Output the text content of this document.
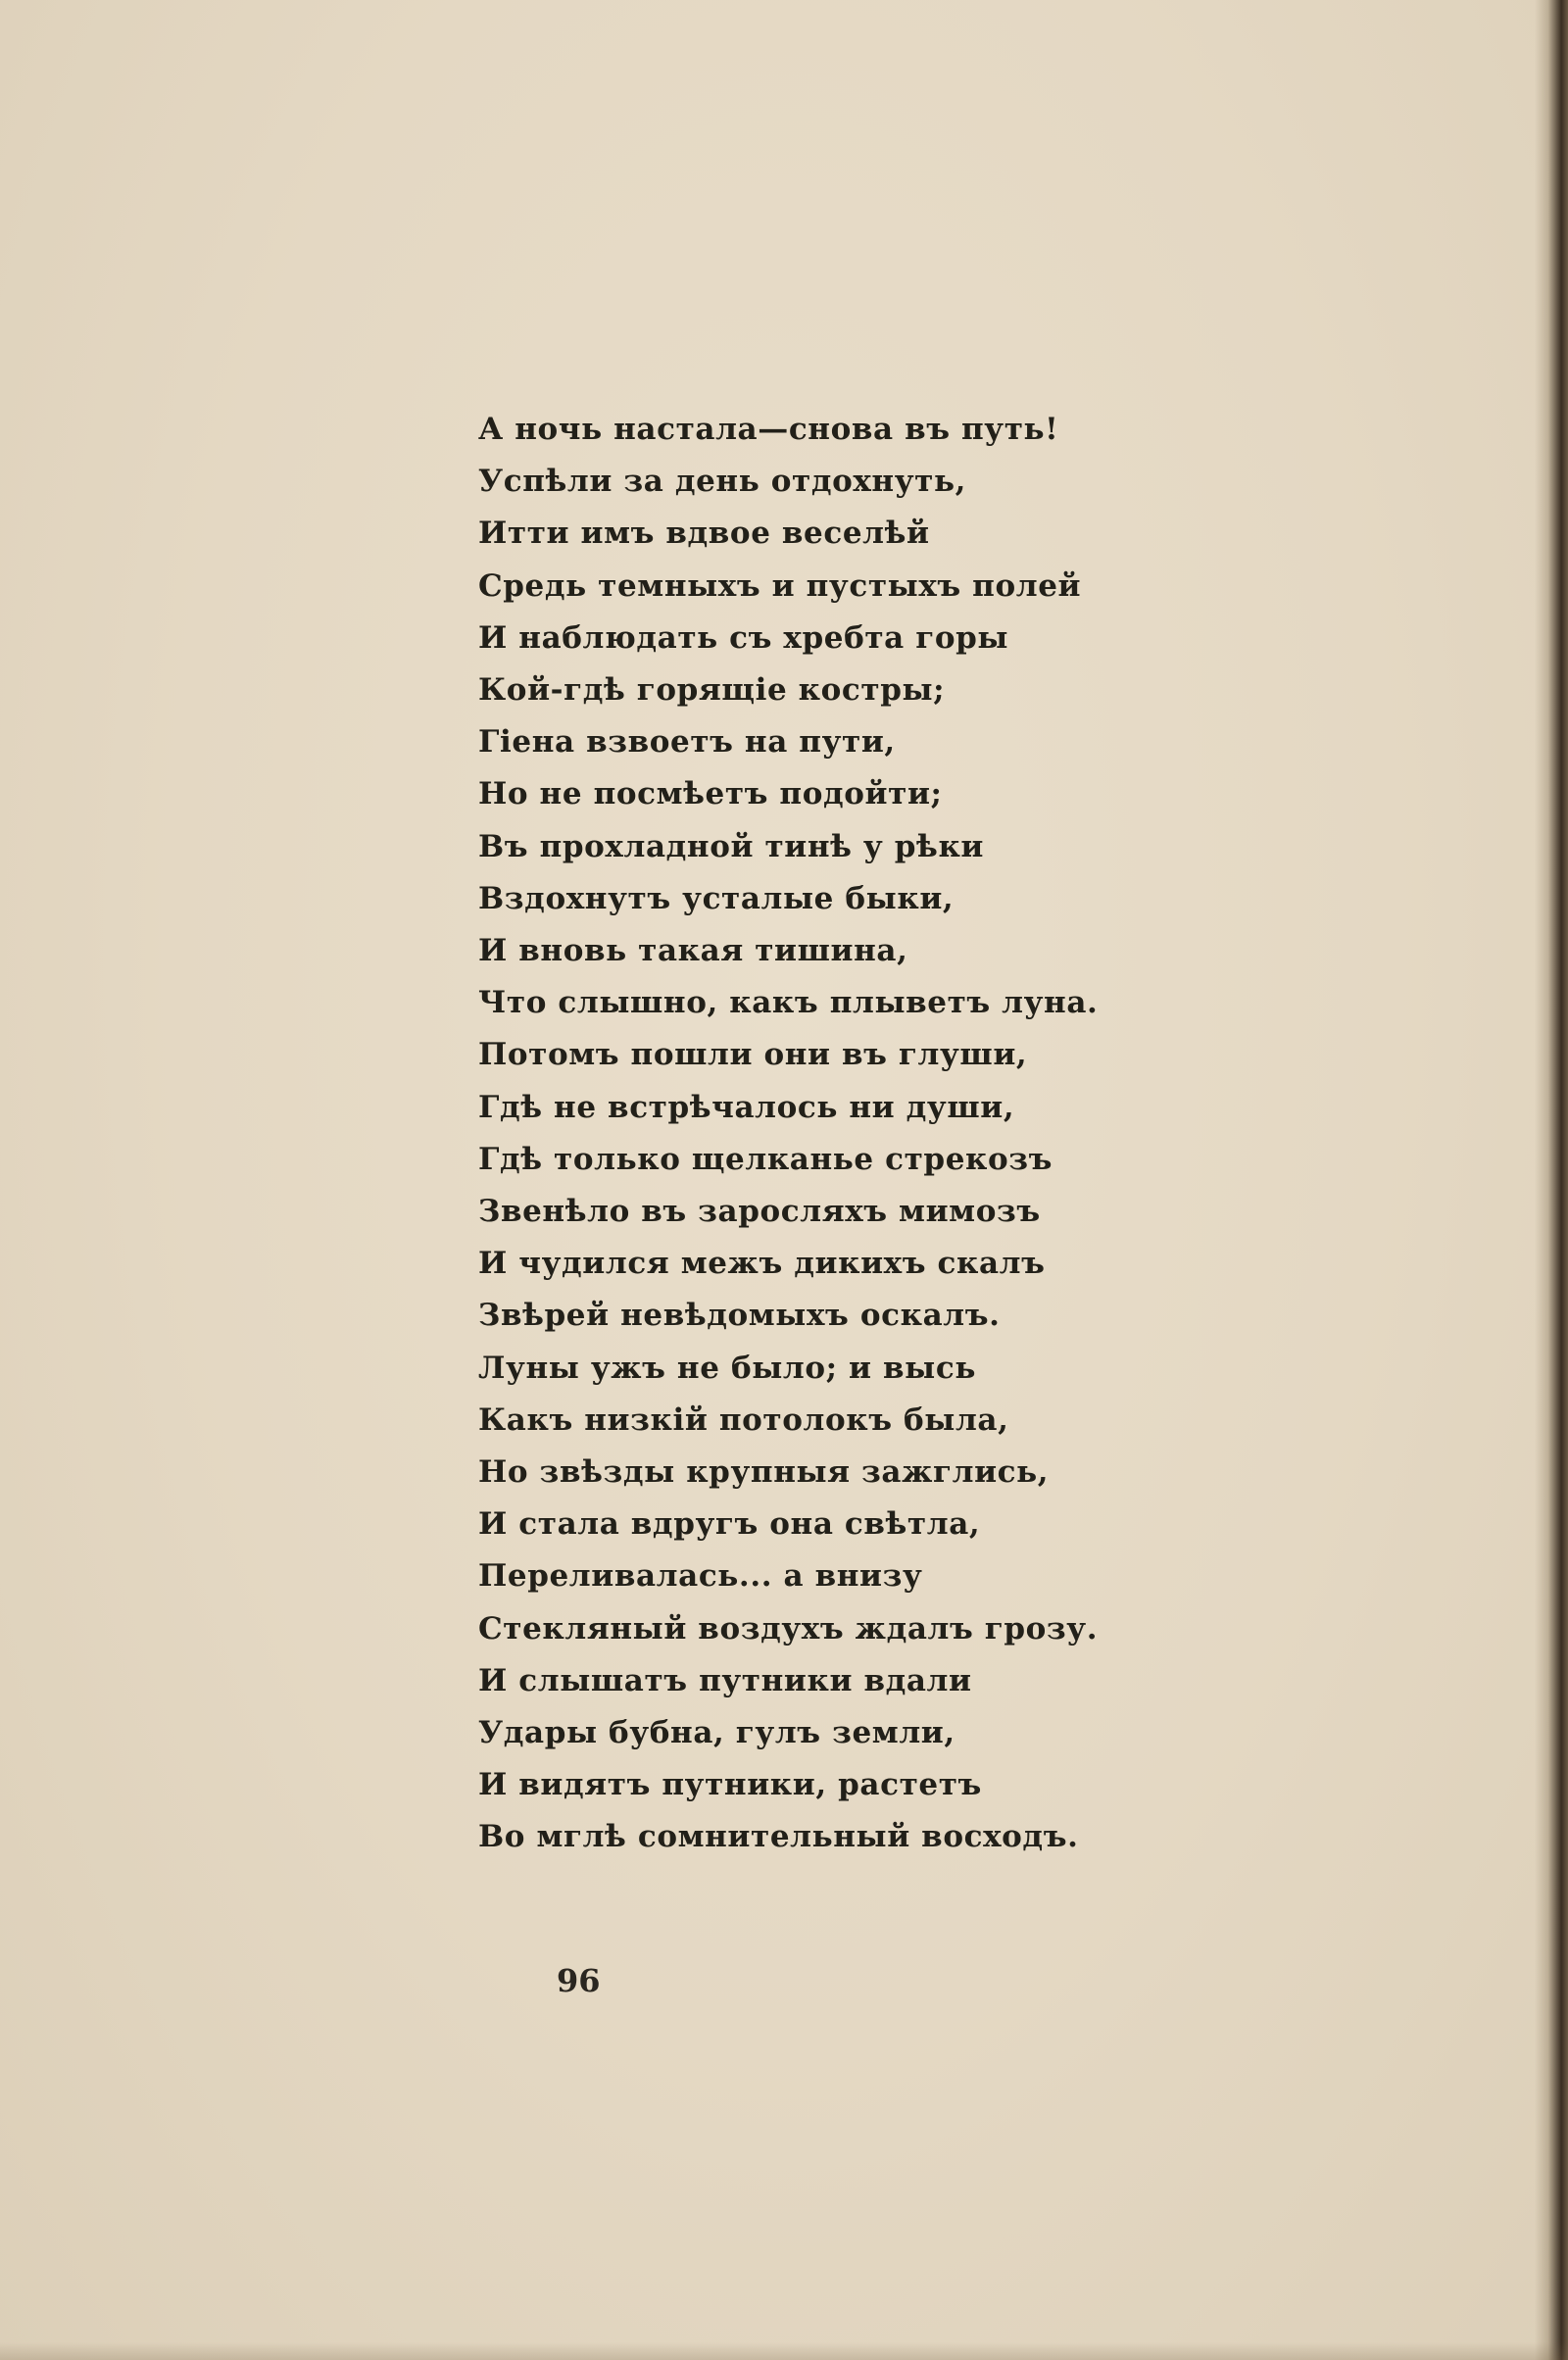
А ночь настала—снова въ путь!
Успѣли за день отдохнуть,
Итти имъ вдвое веселѣй
Средь темныхъ и пустыхъ полей
И наблюдать съ хребта горы
Кой-гдѣ горящіе костры;
Гіена взвоетъ на пути,
Но не посмѣетъ подойти;
Въ прохладной тинѣ у рѣки
Вздохнутъ усталые быки,
И вновь такая тишина,
Что слышно, какъ плыветъ луна.
Потомъ пошли они въ глуши,
Гдѣ не встрѣчалось ни души,
Гдѣ только щелканье стрекозъ
Звенѣло въ заросляхъ мимозъ
И чудился межъ дикихъ скалъ
Звѣрей невѣдомыхъ оскалъ.
Луны ужъ не было; и высь
Какъ низкій потолокъ была,
Но звѣзды крупныя зажглись,
И стала вдругъ она свѣтла,
Переливалась... а внизу
Стекляный воздухъ ждалъ грозу.
И слышатъ путники вдали
Удары бубна, гулъ земли,
И видятъ путники, растетъ
Во мглѣ сомнительный восходъ.
96
